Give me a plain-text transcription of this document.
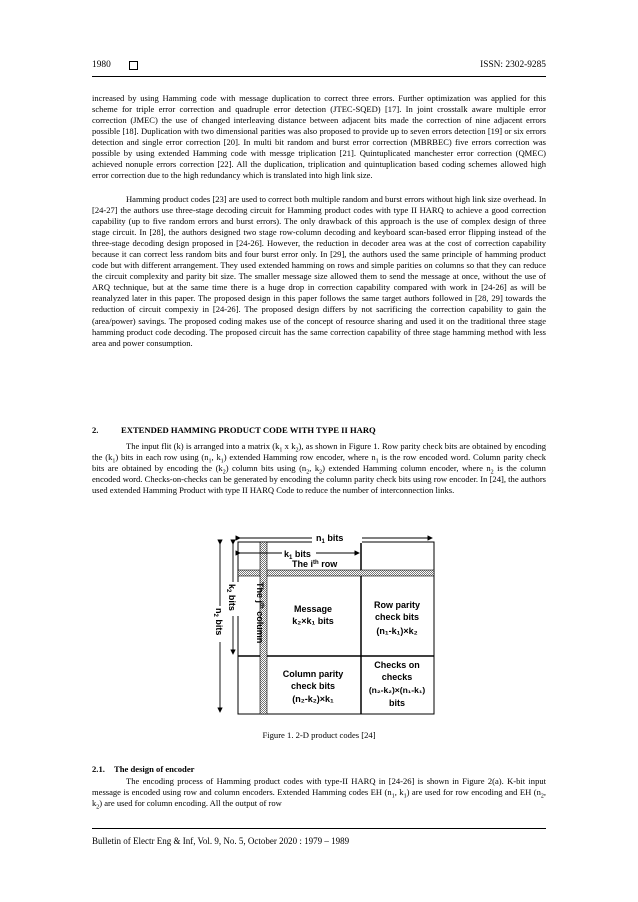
1980	ISSN: 2302-9285

increased by using Hamming code with message duplication to correct three errors. Further optimization was applied for this scheme for triple error correction and quadruple error detection (JTEC-SQED) [17]. In joint crosstalk aware multiple error correction (JMEC) the use of changed interleaving distance between adjacent bits made the correction of nine adjacent errors possible [18]. Duplication with two dimensional parities was also proposed to provide up to seven errors detection [19] or six errors detection and single error correction [20]. In multi bit random and burst error correction (MBRBEC) five errors correction was possible by using extended Hamming code with messge triplication [21]. Quintuplicated manchester error correction (QMEC) achieved nonuple errors correction [22]. All the duplication, triplication and quintuplication based coding schemes allowed high error correction due to the high redundancy which is translated into high link size.

Hamming product codes [23] are used to correct both multiple random and burst errors without high link size overhead. In [24-27] the authors use three-stage decoding circuit for Hamming product codes with type II HARQ to achieve a good correction capability (up to five random errors and burst errors). The only drawback of this approach is the use of complex design of three stage circuit. In [28], the authors designed two stage row-column decoding and keyboard scan-based error flipping instead of the three-stage decoding design proposed in [24-26]. However, the reduction in decoder area was at the cost of correction capability because it can correct less random bits and four burst error only. In [29], the authors used the same principle of hamming product code but with different arrangement. They used extended hamming on rows and simple parities on columns so that they can reduce the circuit complexity and parity bit size. The smaller message size allowed them to send the message at once, without the use of ARQ technique, but at the same time there is a huge drop in correction capability compared with work in [24-26] as will be reanalyzed later in this paper. The proposed design in this paper follows the same target authors followed in [28, 29] towards the reduction of circuit compexiy in [24-26]. The proposed design differs by not sacrificing the correction capability to gain the (area/power) savings. The proposed coding makes use of the concept of resource sharing and used it on the traditional three stage hamming product code decoding. The proposed circuit has the same correction capability of three stage hamming method with less area and power consumption.

2.	EXTENDED HAMMING PRODUCT CODE WITH TYPE II HARQ

The input flit (k) is arranged into a matrix ($k_1$ x $k_2$), as shown in Figure 1. Row parity check bits are obtained by encoding the $(k_1)$ bits in each row using ($n_1$, $k_1$) extended Hamming row encoder, where $n_1$ is the row encoded word. Column parity check bits are obtained by encoding the $(k_2)$ column bits using ($n_2$, $k_2$) extended Hamming column encoder, where $n_2$ is the column encoded word. Checks-on-checks can be generated by encoding the column parity check bits using row encoder. In [24], the authors used extended Hamming Product with type II HARQ Code to reduce the number of interconnection links.

$n_1$ bits
$k_1$ bits
The $i^{th}$ row
The $j^{th}$ column
$k_2$ bits
$n_2$ bits
Message
k₂×k₁ bits
Row parity
check bits
(n₁-k₁)×k₂
Column parity
check bits
(n₂-k₂)×k₁
Checks on
checks
(n₂-k₂)×(n₁-k₁)
bits
Figure 1. 2-D product codes [24]
2.1. The design of encoder

The encoding process of Hamming product codes with type-II HARQ in [24-26] is shown in Figure 2(a). K-bit input message is encoded using row and column encoders. Extended Hamming codes EH ($n_1$, $k_1$) are used for row encoding and EH ($n_2$, $k_2$) are used for column encoding. All the output of row

Bulletin of Electr Eng & Inf, Vol. 9, No. 5, October 2020 : 1979 – 1989
